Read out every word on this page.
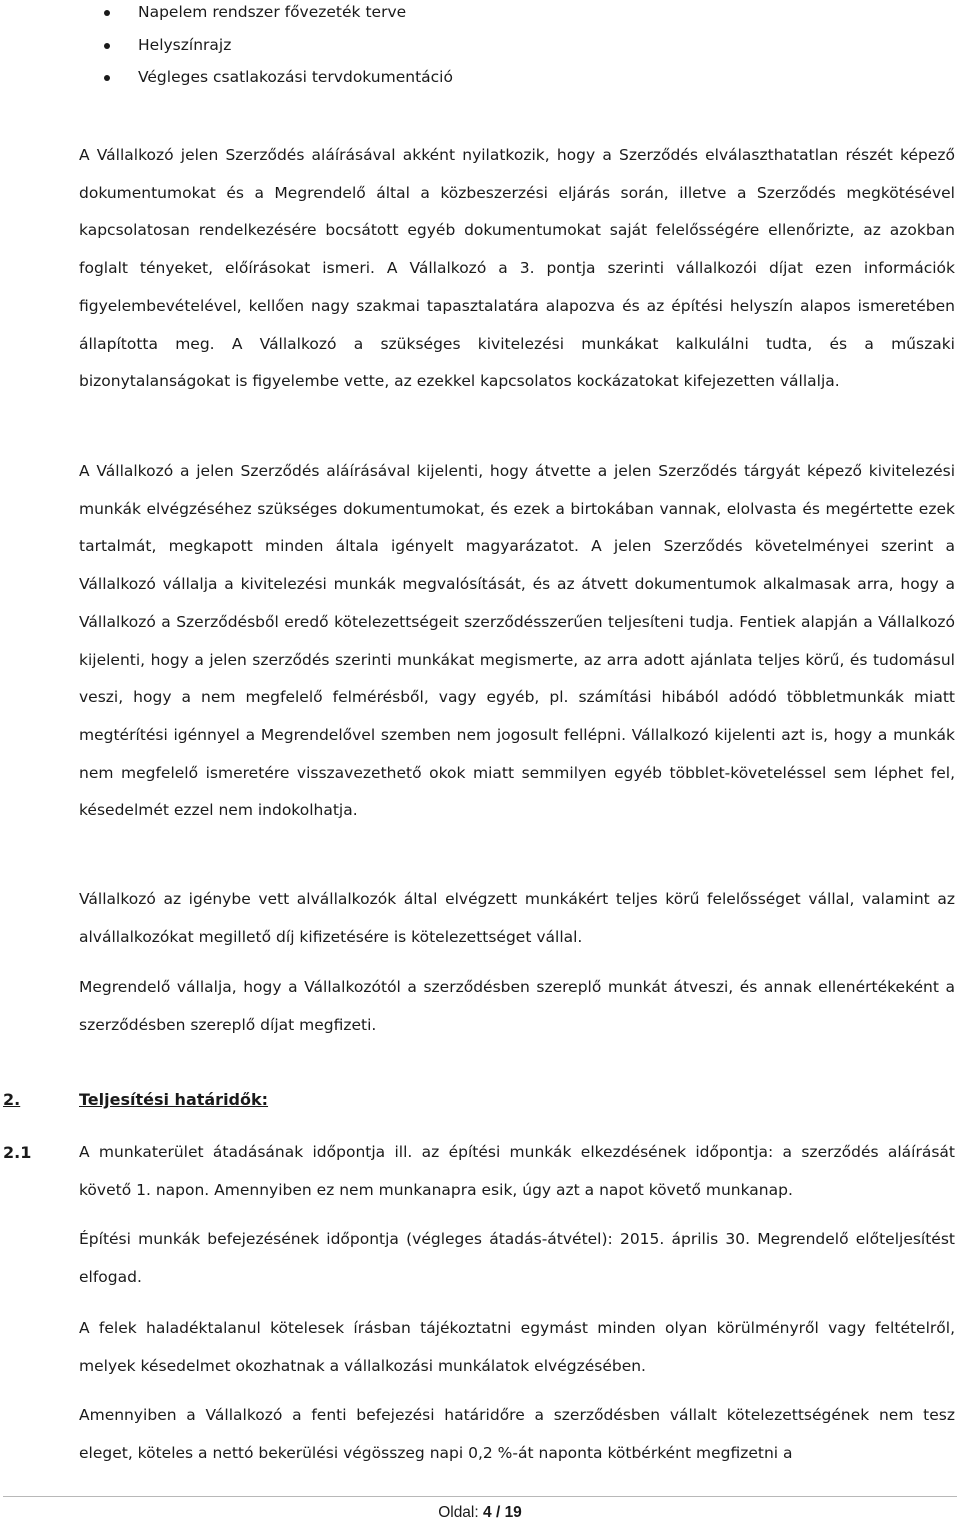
Napelem rendszer fővezeték terve
Helyszínrajz
Végleges csatlakozási tervdokumentáció

A Vállalkozó jelen Szerződés aláírásával akként nyilatkozik, hogy a Szerződés elválaszthatatlan részét képező dokumentumokat és a Megrendelő által a közbeszerzési eljárás során, illetve a Szerződés megkötésével kapcsolatosan rendelkezésére bocsátott egyéb dokumentumokat saját felelősségére ellenőrizte, az azokban foglalt tényeket, előírásokat ismeri. A Vállalkozó a 3. pontja szerinti vállalkozói díjat ezen információk figyelembevételével, kellően nagy szakmai tapasztalatára alapozva és az építési helyszín alapos ismeretében állapította meg. A Vállalkozó a szükséges kivitelezési munkákat kalkulálni tudta, és a műszaki bizonytalanságokat is figyelembe vette, az ezekkel kapcsolatos kockázatokat kifejezetten vállalja.

A Vállalkozó a jelen Szerződés aláírásával kijelenti, hogy átvette a jelen Szerződés tárgyát képező kivitelezési munkák elvégzéséhez szükséges dokumentumokat, és ezek a birtokában vannak, elolvasta és megértette ezek tartalmát, megkapott minden általa igényelt magyarázatot. A jelen Szerződés követelményei szerint a Vállalkozó vállalja a kivitelezési munkák megvalósítását, és az átvett dokumentumok alkalmasak arra, hogy a Vállalkozó a Szerződésből eredő kötelezettségeit szerződésszerűen teljesíteni tudja. Fentiek alapján a Vállalkozó kijelenti, hogy a jelen szerződés szerinti munkákat megismerte, az arra adott ajánlata teljes körű, és tudomásul veszi, hogy a nem megfelelő felmérésből, vagy egyéb, pl. számítási hibából adódó többletmunkák miatt megtérítési igénnyel a Megrendelővel szemben nem jogosult fellépni. Vállalkozó kijelenti azt is, hogy a munkák nem megfelelő ismeretére visszavezethető okok miatt semmilyen egyéb többlet-követeléssel sem léphet fel, késedelmét ezzel nem indokolhatja.

Vállalkozó az igénybe vett alvállalkozók által elvégzett munkákért teljes körű felelősséget vállal, valamint az alvállalkozókat megillető díj kifizetésére is kötelezettséget vállal.

Megrendelő vállalja, hogy a Vállalkozótól a szerződésben szereplő munkát átveszi, és annak ellenértékeként a szerződésben szereplő díjat megfizeti.

2.	Teljesítési határidők:
2.1	A munkaterület átadásának időpontja ill. az építési munkák elkezdésének időpontja: a szerződés aláírását követő 1. napon. Amennyiben ez nem munkanapra esik, úgy azt a napot követő munkanap.

Építési munkák befejezésének időpontja (végleges átadás-átvétel): 2015. április 30. Megrendelő előteljesítést elfogad.

A felek haladéktalanul kötelesek írásban tájékoztatni egymást minden olyan körülményről vagy feltételről, melyek késedelmet okozhatnak a vállalkozási munkálatok elvégzésében.

Amennyiben a Vállalkozó a fenti befejezési határidőre a szerződésben vállalt kötelezettségének nem tesz eleget, köteles a nettó bekerülési végösszeg napi 0,2 %-át naponta kötbérként megfizetni a

Oldal: 4 / 19
